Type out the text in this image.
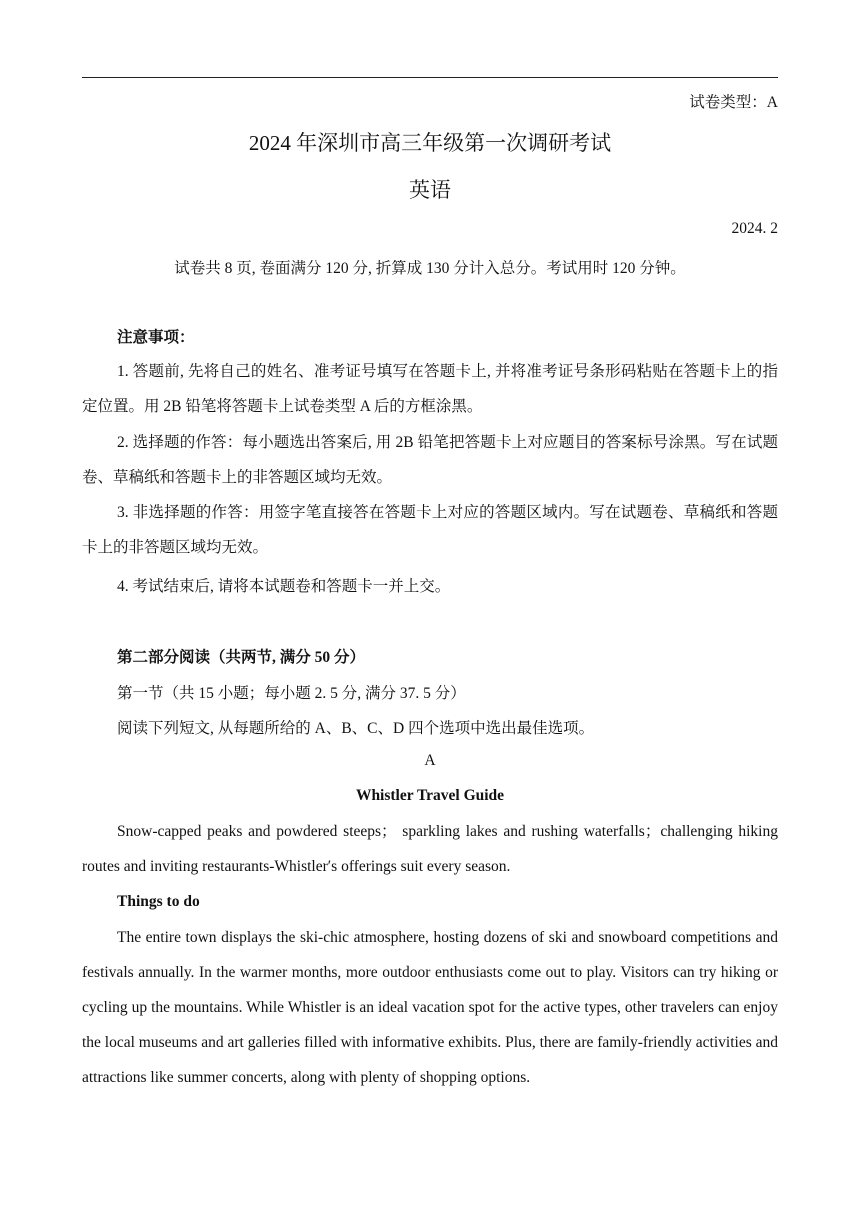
试卷类型：A
2024 年深圳市高三年级第一次调研考试
英语
2024. 2
试卷共 8 页, 卷面满分 120 分, 折算成 130 分计入总分。考试用时 120 分钟。
注意事项：

1. 答题前, 先将自己的姓名、准考证号填写在答题卡上, 并将准考证号条形码粘贴在答题卡上的指定位置。用 2B 铅笔将答题卡上试卷类型 A 后的方框涂黑。

2. 选择题的作答：每小题选出答案后, 用 2B 铅笔把答题卡上对应题目的答案标号涂黑。写在试题卷、草稿纸和答题卡上的非答题区域均无效。

3. 非选择题的作答：用签字笔直接答在答题卡上对应的答题区域内。写在试题卷、草稿纸和答题卡上的非答题区域均无效。

4. 考试结束后, 请将本试题卷和答题卡一并上交。
第二部分阅读（共两节, 满分 50 分）
第一节（共 15 小题；每小题 2. 5 分, 满分 37. 5 分）
阅读下列短文, 从每题所给的 A、B、C、D 四个选项中选出最佳选项。
A
Whistler Travel Guide

Snow-capped peaks and powdered steeps； sparkling lakes and rushing waterfalls；challenging hiking routes and inviting restaurants-Whistler′s offerings suit every season.

Things to do

The entire town displays the ski-chic atmosphere, hosting dozens of ski and snowboard competitions and festivals annually. In the warmer months, more outdoor enthusiasts come out to play. Visitors can try hiking or cycling up the mountains. While Whistler is an ideal vacation spot for the active types, other travelers can enjoy the local museums and art galleries filled with informative exhibits. Plus, there are family-friendly activities and attractions like summer concerts, along with plenty of shopping options.
